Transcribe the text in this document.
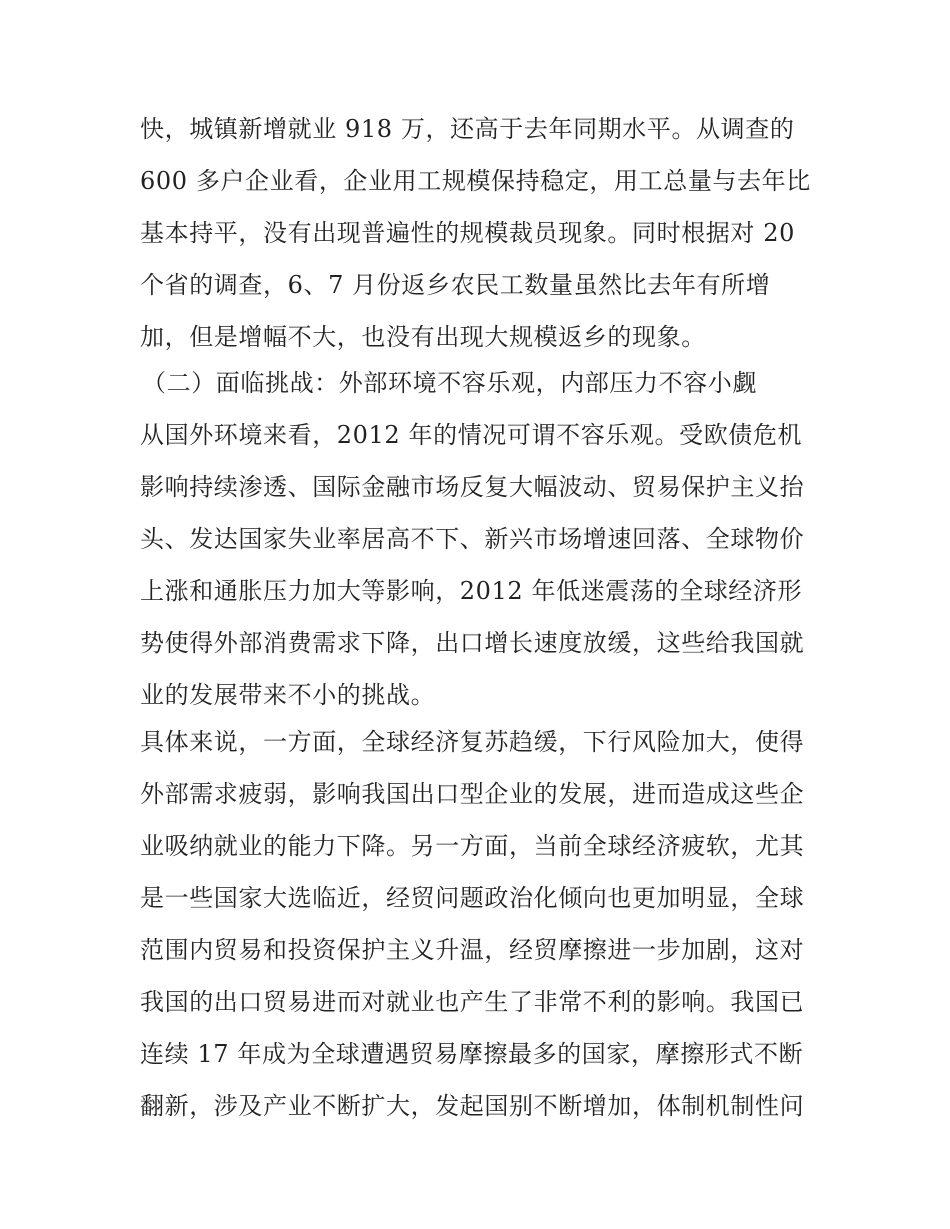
快，城镇新增就业 918 万，还高于去年同期水平。从调查的
600 多户企业看，企业用工规模保持稳定，用工总量与去年比
基本持平，没有出现普遍性的规模裁员现象。同时根据对 20
个省的调查，6、7 月份返乡农民工数量虽然比去年有所增
加，但是增幅不大，也没有出现大规模返乡的现象。
（二）面临挑战：外部环境不容乐观，内部压力不容小觑
从国外环境来看，2012 年的情况可谓不容乐观。受欧债危机
影响持续渗透、国际金融市场反复大幅波动、贸易保护主义抬
头、发达国家失业率居高不下、新兴市场增速回落、全球物价
上涨和通胀压力加大等影响，2012 年低迷震荡的全球经济形
势使得外部消费需求下降，出口增长速度放缓，这些给我国就
业的发展带来不小的挑战。
具体来说，一方面，全球经济复苏趋缓，下行风险加大，使得
外部需求疲弱，影响我国出口型企业的发展，进而造成这些企
业吸纳就业的能力下降。另一方面，当前全球经济疲软，尤其
是一些国家大选临近，经贸问题政治化倾向也更加明显，全球
范围内贸易和投资保护主义升温，经贸摩擦进一步加剧，这对
我国的出口贸易进而对就业也产生了非常不利的影响。我国已
连续 17 年成为全球遭遇贸易摩擦最多的国家，摩擦形式不断
翻新，涉及产业不断扩大，发起国别不断增加，体制机制性问
